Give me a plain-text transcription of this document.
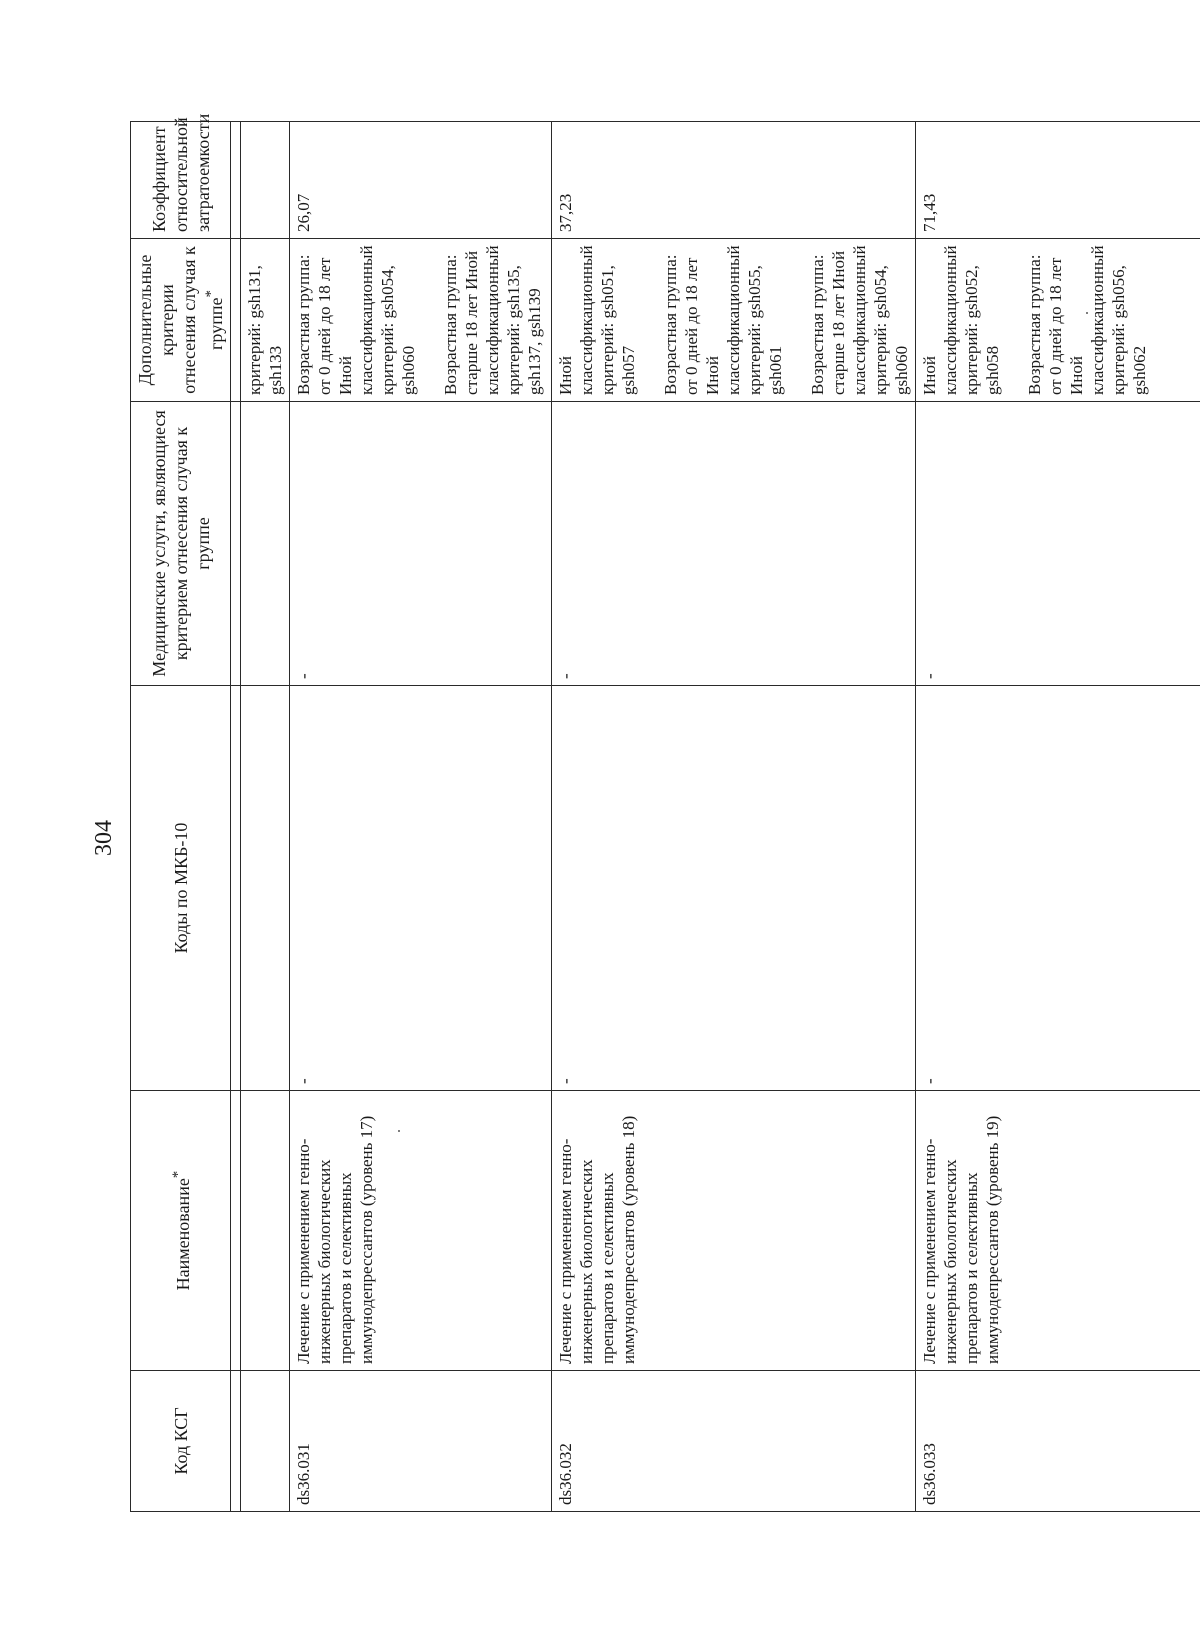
304
Код КСГ	Наименование*	Коды по МКБ-10	Медицинские услуги, являющиеся критерием отнесения случая к группе	Дополнительные критерии отнесения случая к группе*	Коэффициент относительной затратоемкости

				критерий: gsh131, gsh133	
ds36.031	Лечение с применением генно-инженерных биологических препаратов и селективных иммунодепрессантов (уровень 17)	-	-	Возрастная группа: от 0 дней до 18 лет Иной классификационный критерий: gsh054, gsh060 Возрастная группа: старше 18 лет Иной классификационный критерий: gsh135, gsh137, gsh139	26,07
ds36.032	Лечение с применением генно-инженерных биологических препаратов и селективных иммунодепрессантов (уровень 18)	-	-	Иной классификационный критерий: gsh051, gsh057 Возрастная группа: от 0 дней до 18 лет Иной классификационный критерий: gsh055, gsh061 Возрастная группа: старше 18 лет Иной классификационный критерий: gsh054, gsh060	37,23
ds36.033	Лечение с применением генно-инженерных биологических препаратов и селективных иммунодепрессантов (уровень 19)	-	-	Иной классификационный критерий: gsh052, gsh058 Возрастная группа: от 0 дней до 18 лет Иной классификационный критерий: gsh056, gsh062	71,43
